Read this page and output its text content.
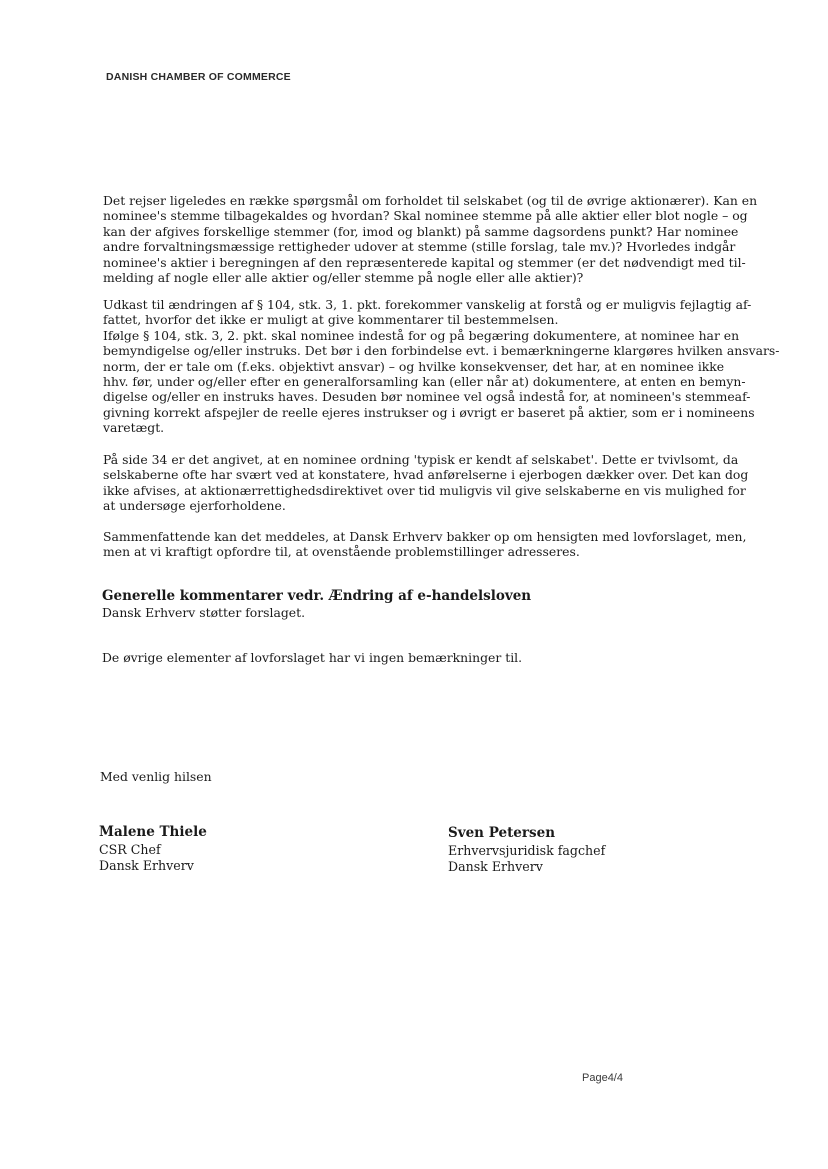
DANISH CHAMBER OF COMMERCE
Det rejser ligeledes en række spørgsmål om forholdet til selskabet (og til de øvrige aktionærer). Kan en
nominee's stemme tilbagekaldes og hvordan? Skal nominee stemme på alle aktier eller blot nogle – og
kan der afgives forskellige stemmer (for, imod og blankt) på samme dagsordens punkt? Har nominee
andre forvaltningsmæssige rettigheder udover at stemme (stille forslag, tale mv.)? Hvorledes indgår
nominee's aktier i beregningen af den repræsenterede kapital og stemmer (er det nødvendigt med til-
melding af nogle eller alle aktier og/eller stemme på nogle eller alle aktier)?
Udkast til ændringen af § 104, stk. 3, 1. pkt. forekommer vanskelig at forstå og er muligvis fejlagtig af-
fattet, hvorfor det ikke er muligt at give kommentarer til bestemmelsen.
Ifølge § 104, stk. 3, 2. pkt. skal nominee indestå for og på begæring dokumentere, at nominee har en
bemyndigelse og/eller instruks. Det bør i den forbindelse evt. i bemærkningerne klargøres hvilken ansvars-
norm, der er tale om (f.eks. objektivt ansvar) – og hvilke konsekvenser, det har, at en nominee ikke
hhv. før, under og/eller efter en generalforsamling kan (eller når at) dokumentere, at enten en bemyn-
digelse og/eller en instruks haves. Desuden bør nominee vel også indestå for, at nomineen's stemmeaf-
givning korrekt afspejler de reelle ejeres instrukser og i øvrigt er baseret på aktier, som er i nomineens
varetægt.
På side 34 er det angivet, at en nominee ordning 'typisk er kendt af selskabet'. Dette er tvivlsomt, da
selskaberne ofte har svært ved at konstatere, hvad anførelserne i ejerbogen dækker over. Det kan dog
ikke afvises, at aktionærrettighedsdirektivet over tid muligvis vil give selskaberne en vis mulighed for
at undersøge ejerforholdene.
Sammenfattende kan det meddeles, at Dansk Erhverv bakker op om hensigten med lovforslaget, men,
men at vi kraftigt opfordre til, at ovenstående problemstillinger adresseres.
Generelle kommentarer vedr. Ændring af e-handelsloven
Dansk Erhverv støtter forslaget.
De øvrige elementer af lovforslaget har vi ingen bemærkninger til.
Med venlig hilsen
Malene Thiele
CSR Chef
Dansk Erhverv
Sven Petersen
Erhvervsjuridisk fagchef
Dansk Erhverv
Page4/4
